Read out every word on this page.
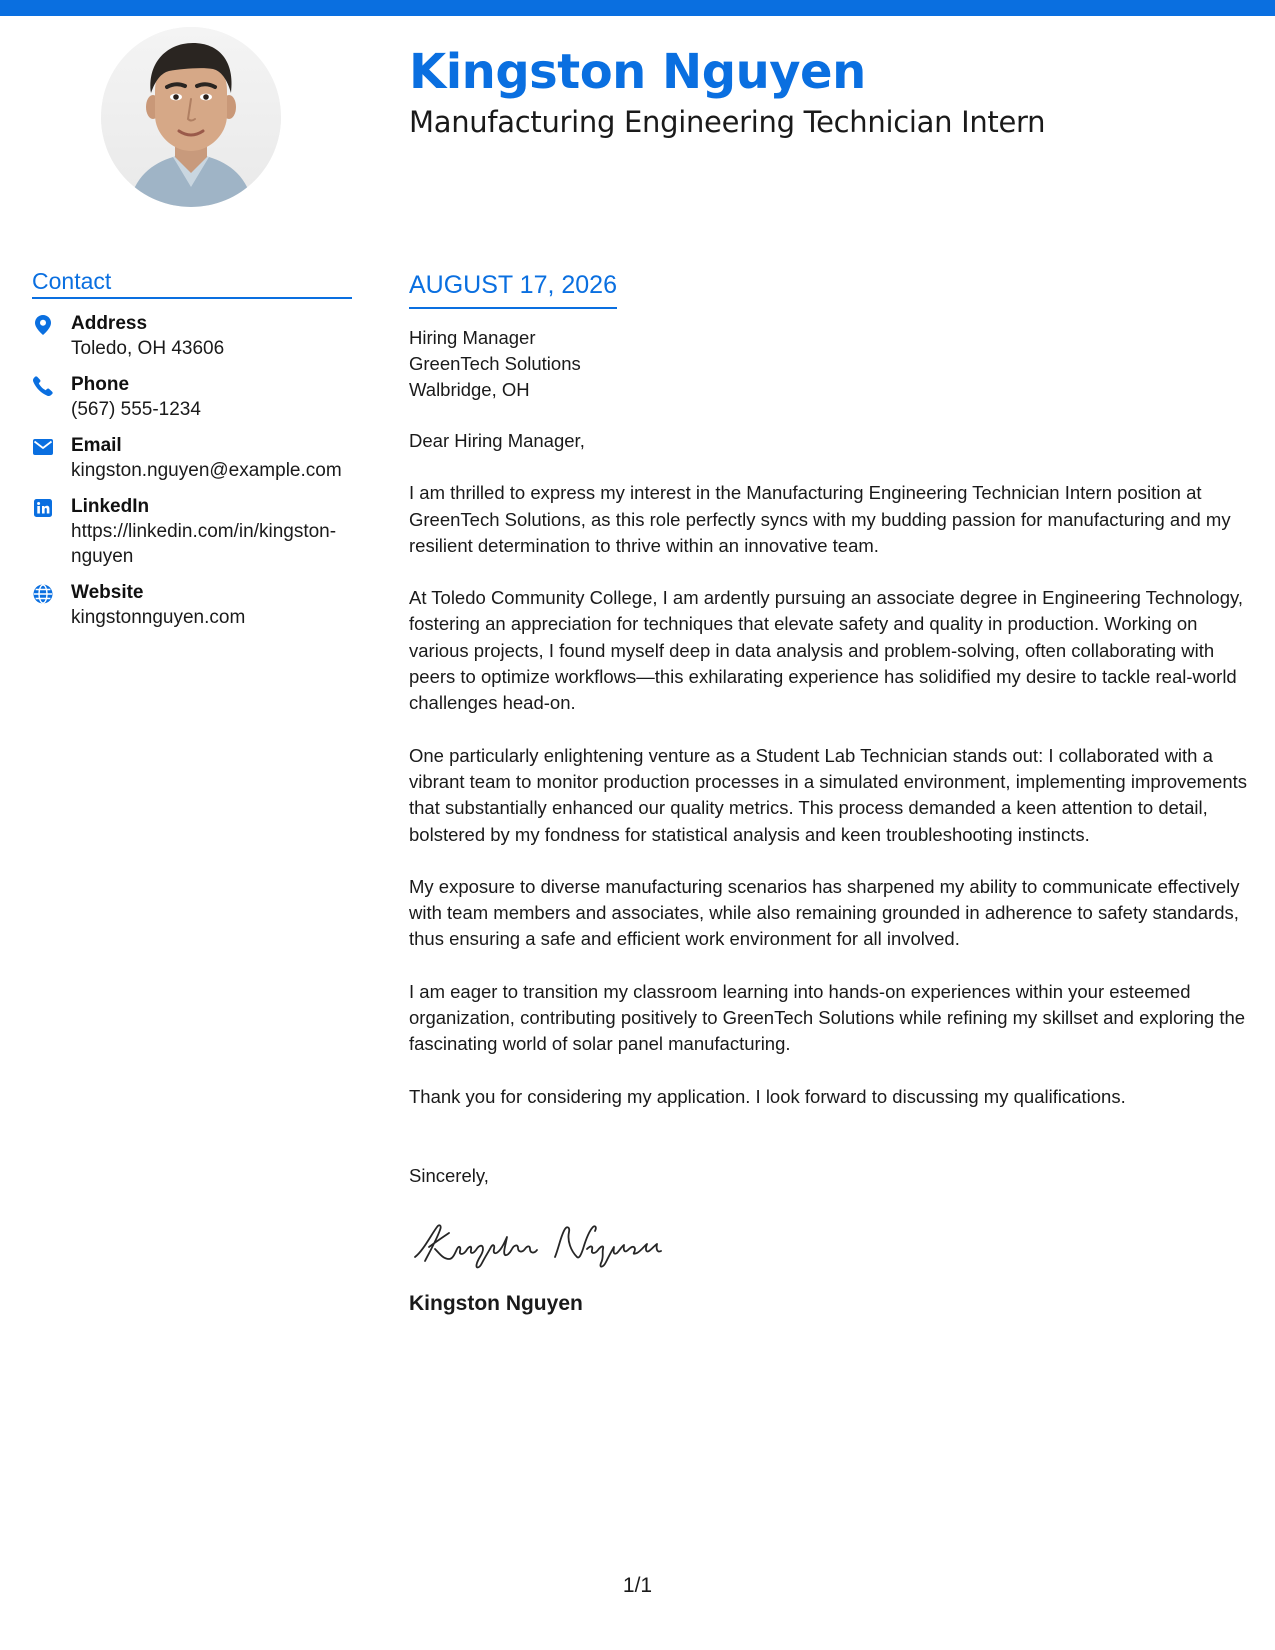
Kingston Nguyen
Manufacturing Engineering Technician Intern
Contact
Address
Toledo, OH 43606
Phone
(567) 555-1234
Email
kingston.nguyen@example.com
LinkedIn
https://linkedin.com/in/kingston-nguyen
Website
kingstonnguyen.com
AUGUST 17, 2026
Hiring Manager
GreenTech Solutions
Walbridge, OH

Dear Hiring Manager,

I am thrilled to express my interest in the Manufacturing Engineering Technician Intern position at GreenTech Solutions, as this role perfectly syncs with my budding passion for manufacturing and my resilient determination to thrive within an innovative team.

At Toledo Community College, I am ardently pursuing an associate degree in Engineering Technology, fostering an appreciation for techniques that elevate safety and quality in production. Working on various projects, I found myself deep in data analysis and problem-solving, often collaborating with peers to optimize workflows—this exhilarating experience has solidified my desire to tackle real-world challenges head-on.

One particularly enlightening venture as a Student Lab Technician stands out: I collaborated with a vibrant team to monitor production processes in a simulated environment, implementing improvements that substantially enhanced our quality metrics. This process demanded a keen attention to detail, bolstered by my fondness for statistical analysis and keen troubleshooting instincts.

My exposure to diverse manufacturing scenarios has sharpened my ability to communicate effectively with team members and associates, while also remaining grounded in adherence to safety standards, thus ensuring a safe and efficient work environment for all involved.

I am eager to transition my classroom learning into hands-on experiences within your esteemed organization, contributing positively to GreenTech Solutions while refining my skillset and exploring the fascinating world of solar panel manufacturing.

Thank you for considering my application. I look forward to discussing my qualifications.

Sincerely,
Kingston Nguyen
1/1
